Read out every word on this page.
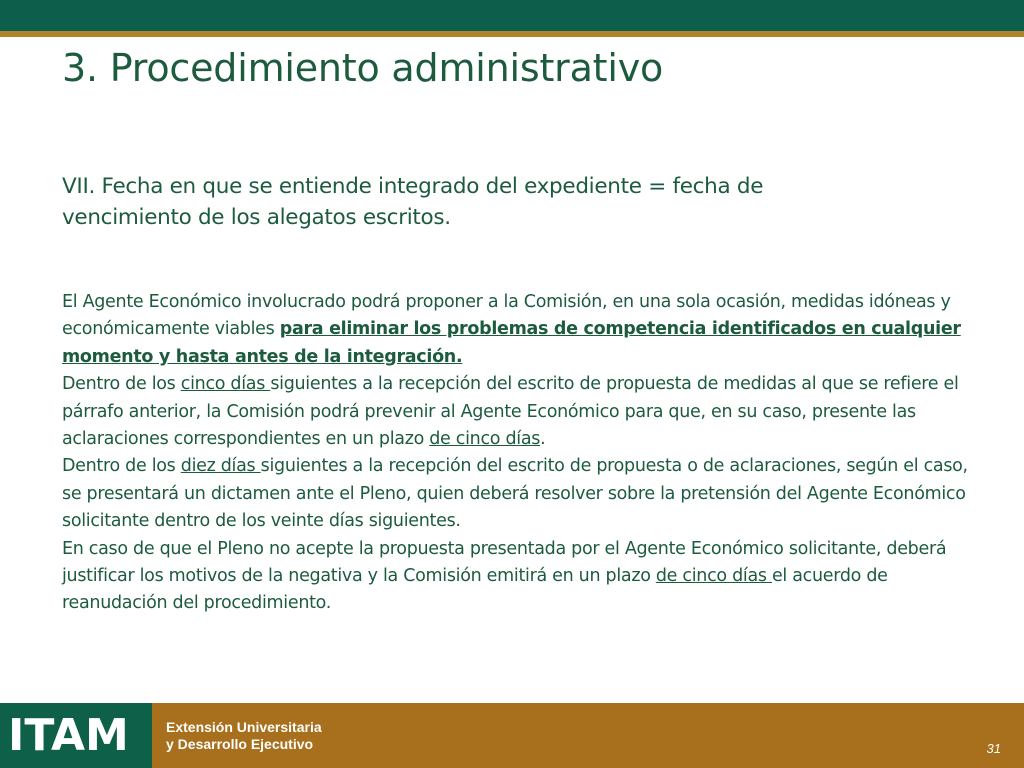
3. Procedimiento administrativo

VII. Fecha en que se entiende integrado del expediente = fecha de vencimiento de los alegatos escritos.

El Agente Económico involucrado podrá proponer a la Comisión, en una sola ocasión, medidas idóneas y económicamente viables para eliminar los problemas de competencia identificados en cualquier momento y hasta antes de la integración.

Dentro de los cinco días siguientes a la recepción del escrito de propuesta de medidas al que se refiere el párrafo anterior, la Comisión podrá prevenir al Agente Económico para que, en su caso, presente las aclaraciones correspondientes en un plazo de cinco días.

Dentro de los diez días siguientes a la recepción del escrito de propuesta o de aclaraciones, según el caso, se presentará un dictamen ante el Pleno, quien deberá resolver sobre la pretensión del Agente Económico solicitante dentro de los veinte días siguientes.

En caso de que el Pleno no acepte la propuesta presentada por el Agente Económico solicitante, deberá justificar los motivos de la negativa y la Comisión emitirá en un plazo de cinco días el acuerdo de reanudación del procedimiento.

ITAM	Extensión Universitaria
y Desarrollo Ejecutivo	31
